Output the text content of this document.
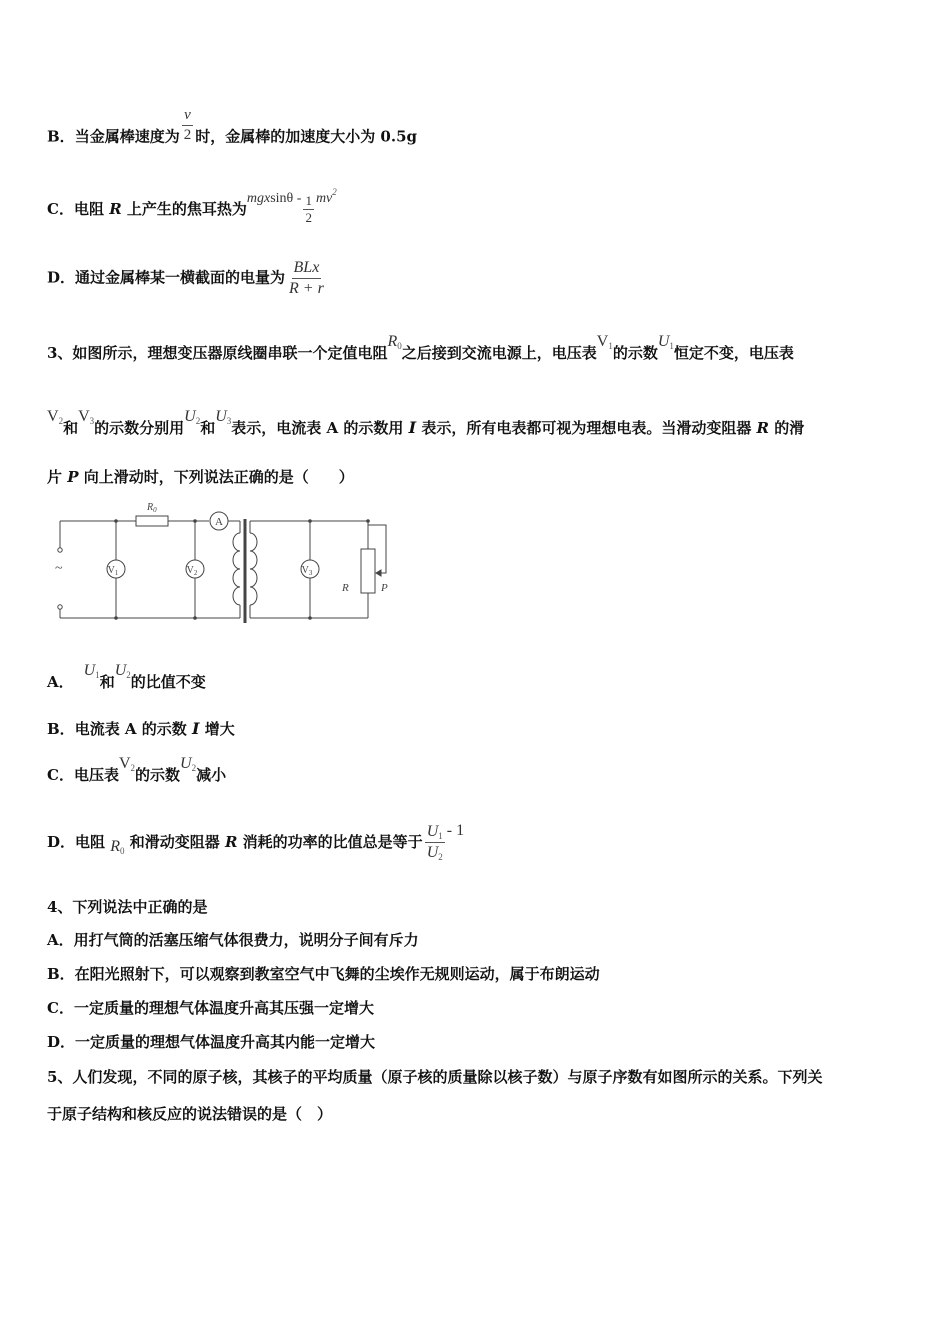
B．当金属棒速度为 $\frac{v}{2}$ 时，金属棒的加速度大小为 0.5g
C．电阻 R 上产生的焦耳热为mgxsinθ - $\frac{1}{2} mv^2$
D．通过金属棒某一横截面的电量为 $\frac{\text{BLx}}{R + r}$
3、如图所示，理想变压器原线圈串联一个定值电阻$R_0$之后接到交流电源上，电压表$V_1$的示数$U_1$恒定不变，电压表
$V_2$和$V_3$的示数分别用$U_2$和$U_3$表示，电流表 A 的示数用 I 表示，所有电表都可视为理想电表。当滑动变阻器 R 的滑
片 P 向上滑动时，下列说法正确的是（　　）
$R_0$
A
$V_1$	$V_2$	$V_3$
R	P
~
A．$U_1$和$U_2$的比值不变
B．电流表 A 的示数 I 增大
C．电压表$V_2$的示数$U_2$减小
D．电阻 $R_0$ 和滑动变阻器 R 消耗的功率的比值总是等于 $\frac{U_1}{U_2} - 1$
4、下列说法中正确的是
A．用打气筒的活塞压缩气体很费力，说明分子间有斥力
B．在阳光照射下，可以观察到教室空气中飞舞的尘埃作无规则运动，属于布朗运动
C．一定质量的理想气体温度升高其压强一定增大
D．一定质量的理想气体温度升高其内能一定增大
5、人们发现，不同的原子核，其核子的平均质量（原子核的质量除以核子数）与原子序数有如图所示的关系。下列关
于原子结构和核反应的说法错误的是（　）
